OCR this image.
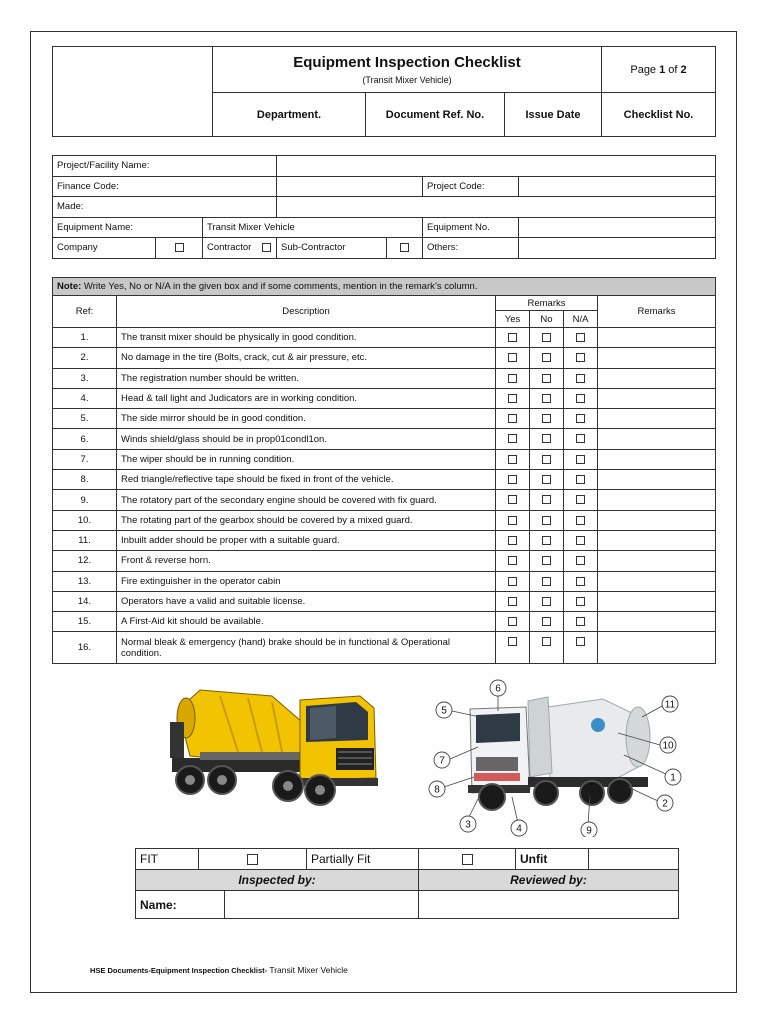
	Equipment Inspection Checklist
(Transit Mixer Vehicle)			Page 1 of 2
	Department.	Document Ref. No.	Issue Date	Checklist No.
Project/Facility Name:						
Finance Code:					Project Code:	
Made:						
Equipment Name:		Transit Mixer Vehicle			Equipment No.	
Company		Contractor	Sub-Contractor		Others:	
Note: Write Yes, No or N/A in the given box and if some comments, mention in the remark’s column.					
Ref:	Description	Remarks			Remarks
		Yes	No	N/A	
1.	The transit mixer should be physically in good condition.				
2.	No damage in the tire (Bolts, crack, cut & air pressure, etc.				
3.	The registration number should be written.				
4.	Head & tall light and Judicators are in working condition.				
5.	The side mirror should be in good condition.				
6.	Winds shield/glass should be in prop01condl1on.				
7.	The wiper should be in running condition.				
8.	Red triangle/reflective tape should be fixed in front of the vehicle.				
9.	The rotatory part of the secondary engine should be covered with fix guard.				
10.	The rotating part of the gearbox should be covered by a mixed guard.				
11.	Inbuilt adder should be proper with a suitable guard.				
12.	Front & reverse horn.				
13.	Fire extinguisher in the operator cabin				
14.	Operators have a valid and suitable license.				
15.	A First-Aid kit should be available.				
16.	Normal bleak & emergency (hand) brake should be in functional & Operational condition.				
5
6
7
8
3	4	9
2
1
10
11
FIT			Partially Fit		Unfit	
Inspected by:				Reviewed by:		
Name:						
HSE Documents-Equipment Inspection Checklist- Transit Mixer Vehicle
